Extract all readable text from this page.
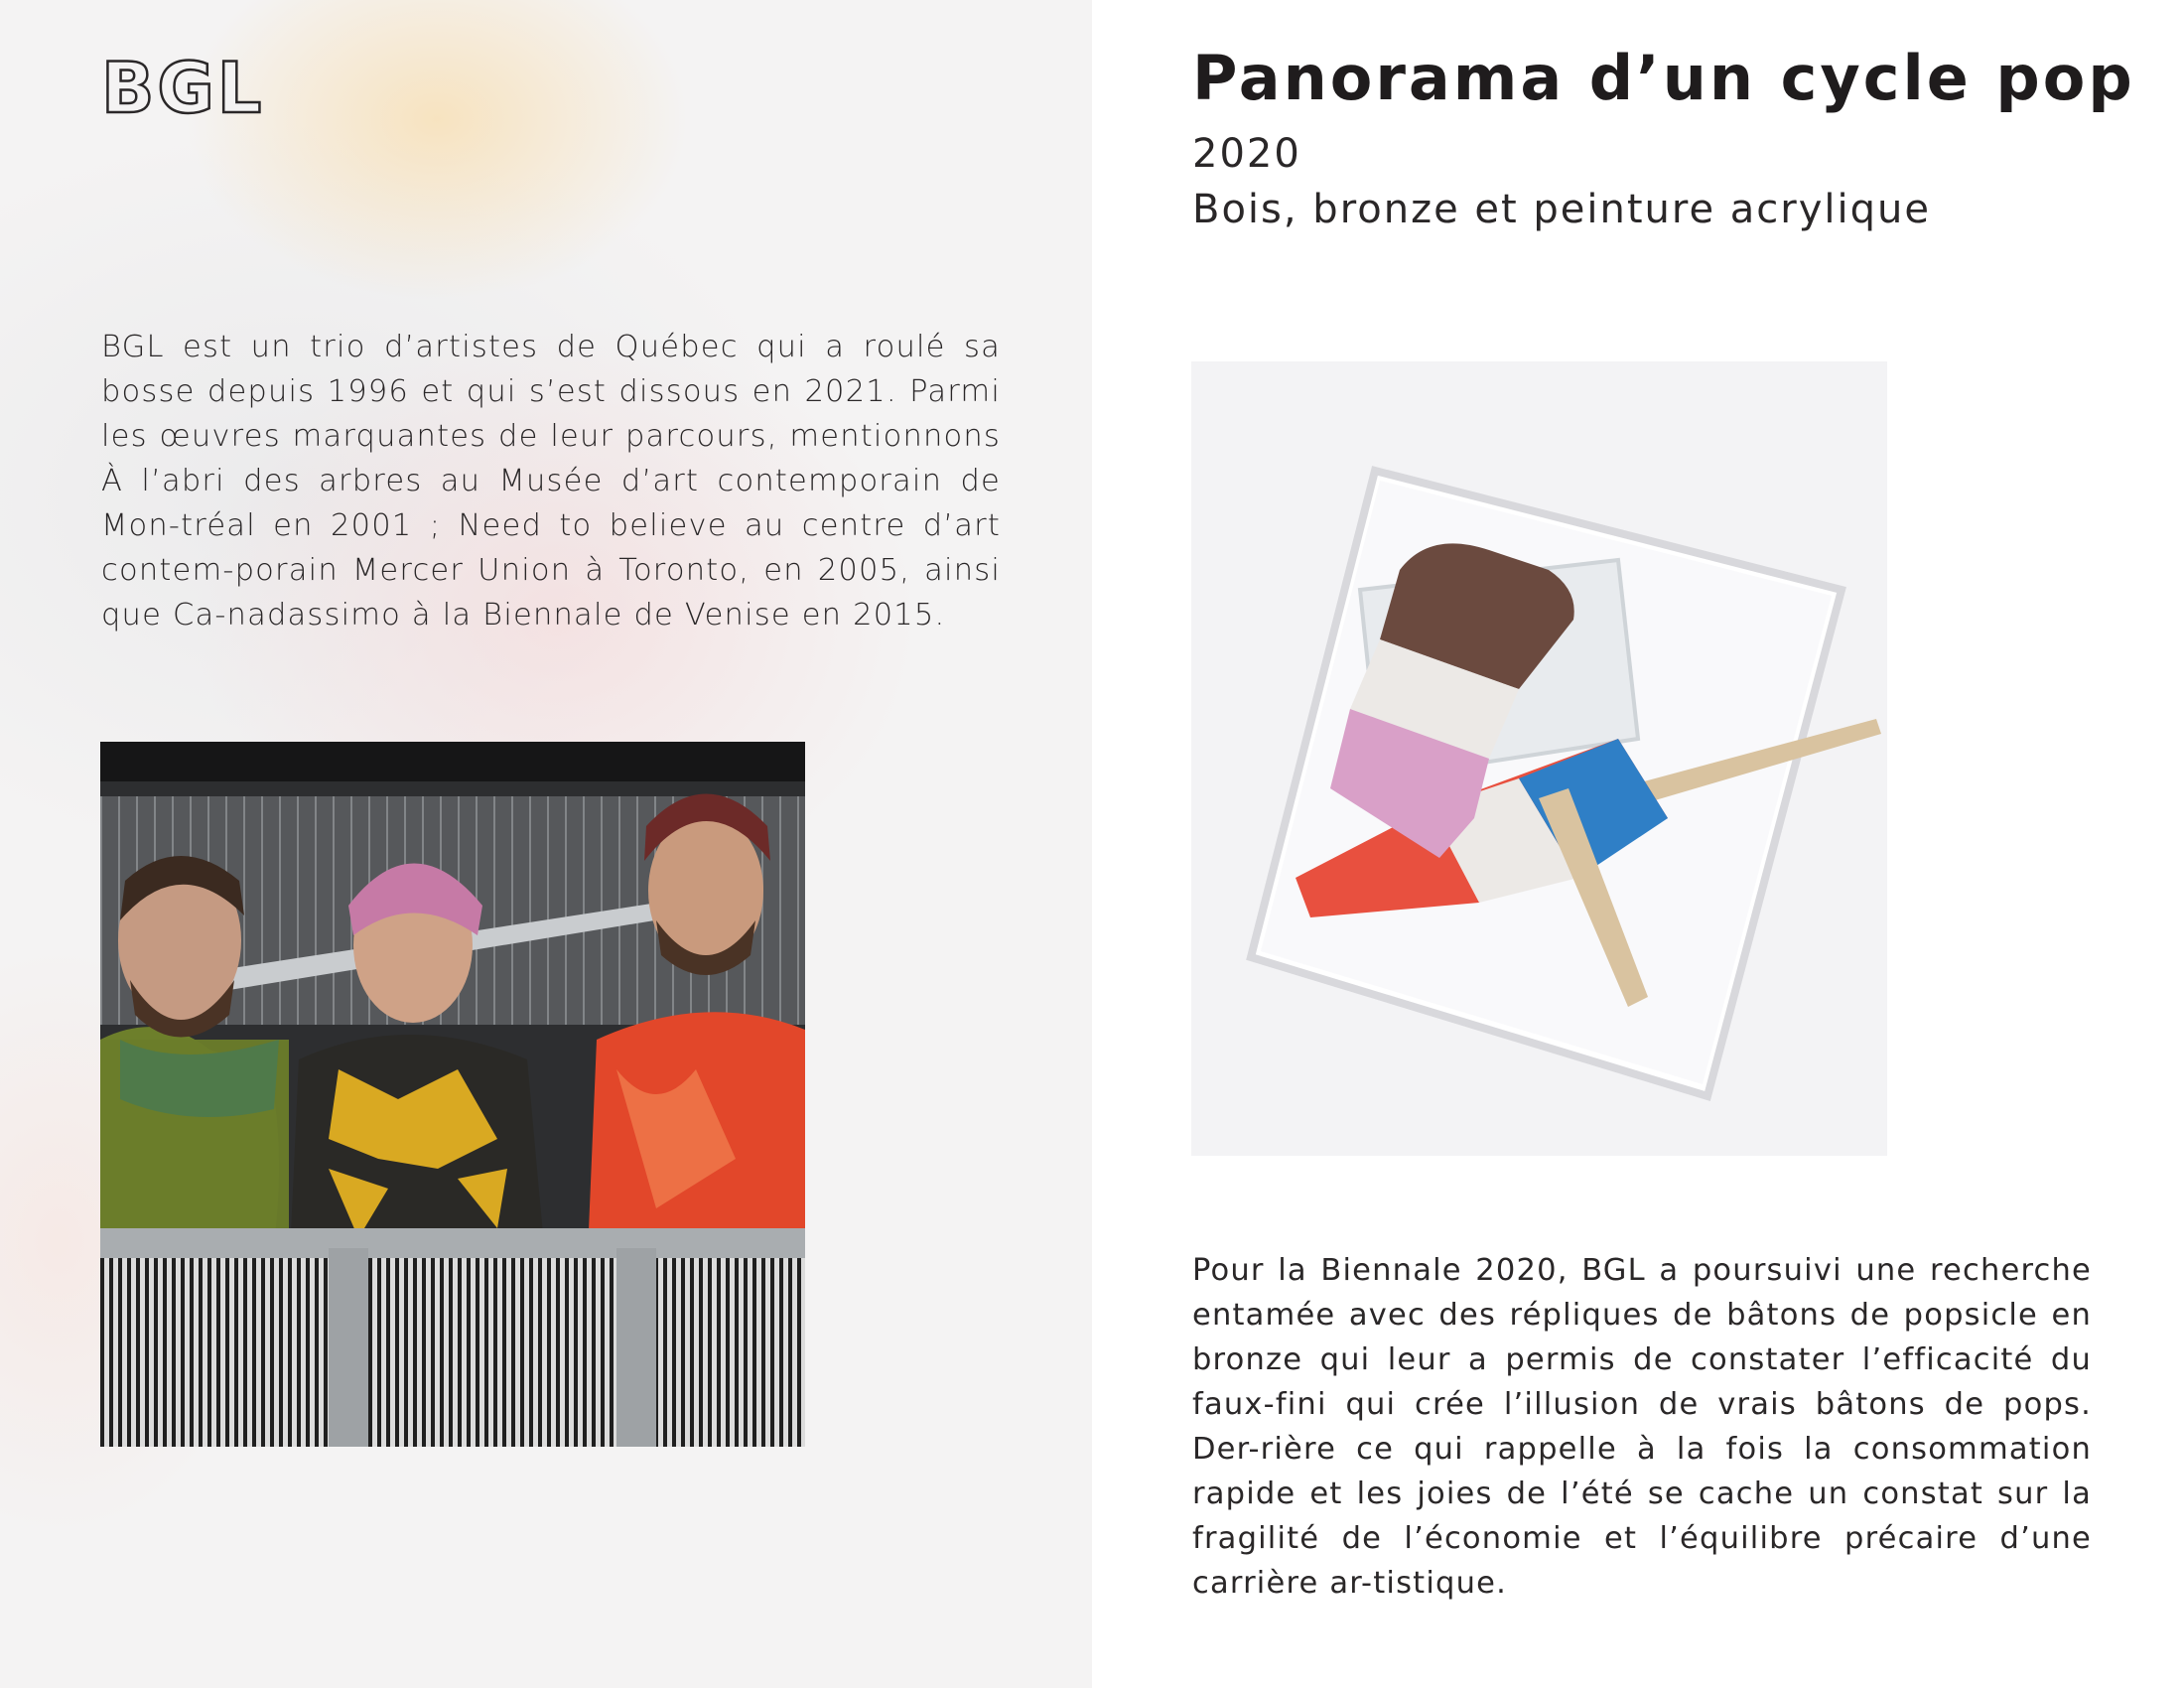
BGL

BGL est un trio d’artistes de Québec qui a roulé sa bosse depuis 1996 et qui s’est dissous en 2021. Parmi les œuvres marquantes de leur parcours, mentionnons À l’abri des arbres au Musée d’art contemporain de Mon-tréal en 2001 ; Need to believe au centre d’art contem-porain Mercer Union à Toronto, en 2005, ainsi que Ca-nadassimo à la Biennale de Venise en 2015.

Panorama d’un cycle pop
2020
Bois, bronze et peinture acrylique

Pour la Biennale 2020, BGL a poursuivi une recherche entamée avec des répliques de bâtons de popsicle en bronze qui leur a permis de constater l’efficacité du faux-fini qui crée l’illusion de vrais bâtons de pops. Der-rière ce qui rappelle à la fois la consommation rapide et les joies de l’été se cache un constat sur la fragilité de l’économie et l’équilibre précaire d’une carrière ar-tistique.
